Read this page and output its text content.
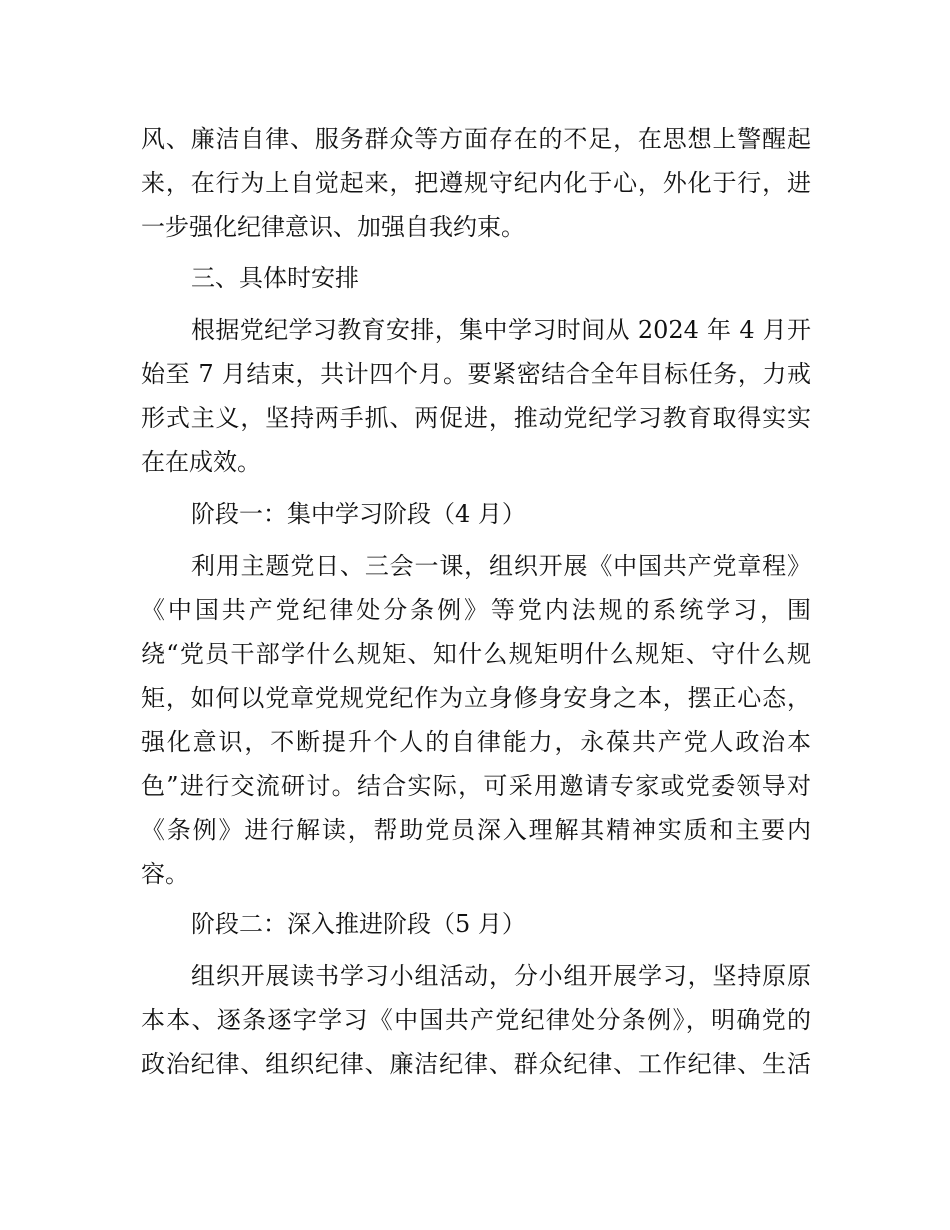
风、廉洁自律、服务群众等方面存在的不足，在思想上警醒起
来，在行为上自觉起来，把遵规守纪内化于心，外化于行，进
一步强化纪律意识、加强自我约束。
三、具体时安排
根据党纪学习教育安排，集中学习时间从 2024 年 4 月开
始至 7 月结束，共计四个月。要紧密结合全年目标任务，力戒
形式主义，坚持两手抓、两促进，推动党纪学习教育取得实实
在在成效。
阶段一：集中学习阶段（4 月）
利用主题党日、三会一课，组织开展《中国共产党章程》
《中国共产党纪律处分条例》等党内法规的系统学习，围
绕“党员干部学什么规矩、知什么规矩明什么规矩、守什么规
矩，如何以党章党规党纪作为立身修身安身之本，摆正心态，
强化意识，不断提升个人的自律能力，永葆共产党人政治本
色”进行交流研讨。结合实际，可采用邀请专家或党委领导对
《条例》进行解读，帮助党员深入理解其精神实质和主要内
容。
阶段二：深入推进阶段（5 月）
组织开展读书学习小组活动，分小组开展学习，坚持原原
本本、逐条逐字学习《中国共产党纪律处分条例》，明确党的
政治纪律、组织纪律、廉洁纪律、群众纪律、工作纪律、生活
